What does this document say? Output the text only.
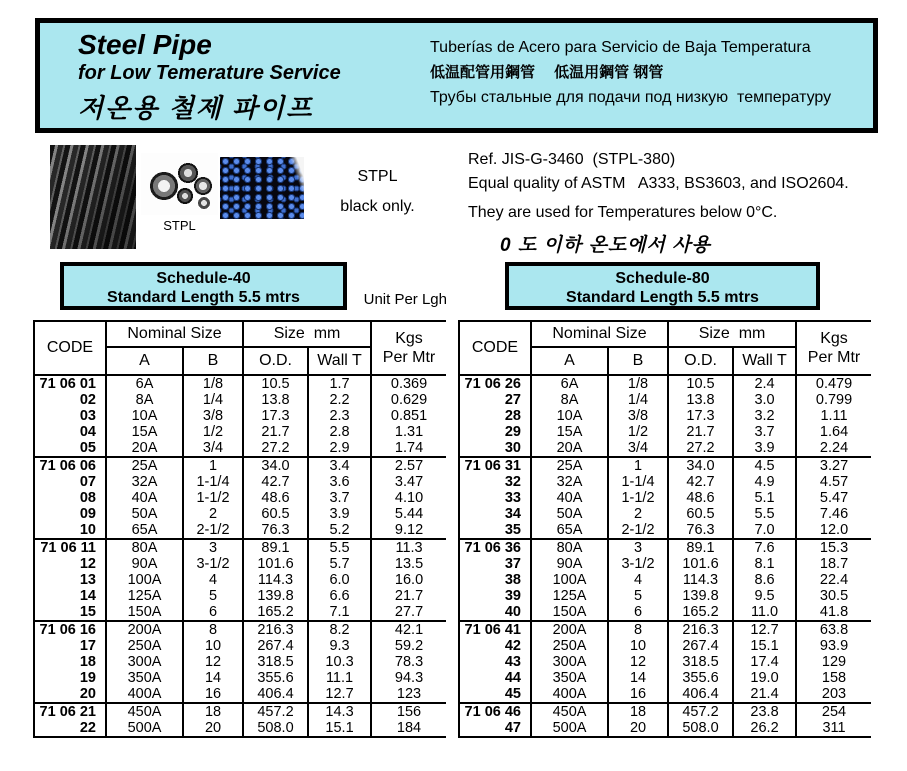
Steel Pipe
for Low Temerature Service
저온용 철제 파이프
Tuberías de Acero para Servicio de Baja Temperatura
低温配管用鋼管　 低温用鋼管 钢管
Трубы стальные для подачи под низкую  температуру
STPL
STPL
black only.
Ref. JIS-G-3460  (STPL-380)
Equal quality of ASTM   A333, BS3603, and ISO2604.
They are used for Temperatures below 0°C.
0 도 이하 온도에서 사용
Schedule-40
Standard Length 5.5 mtrs	Unit Per Lgh
CODE	Nominal Size		Size  mm		Kgs
Per Mtr
	A	B	O.D.	Wall T	
71 06 01	6A	1/8	10.5	1.7	0.369
02	8A	1/4	13.8	2.2	0.629
03	10A	3/8	17.3	2.3	0.851
04	15A	1/2	21.7	2.8	1.31
05	20A	3/4	27.2	2.9	1.74
71 06 06	25A	1	34.0	3.4	2.57
07	32A	1-1/4	42.7	3.6	3.47
08	40A	1-1/2	48.6	3.7	4.10
09	50A	2	60.5	3.9	5.44
10	65A	2-1/2	76.3	5.2	9.12
71 06 11	80A	3	89.1	5.5	11.3
12	90A	3-1/2	101.6	5.7	13.5
13	100A	4	114.3	6.0	16.0
14	125A	5	139.8	6.6	21.7
15	150A	6	165.2	7.1	27.7
71 06 16	200A	8	216.3	8.2	42.1
17	250A	10	267.4	9.3	59.2
18	300A	12	318.5	10.3	78.3
19	350A	14	355.6	11.1	94.3
20	400A	16	406.4	12.7	123
71 06 21	450A	18	457.2	14.3	156
22	500A	20	508.0	15.1	184
Schedule-80
Standard Length 5.5 mtrs
CODE	Nominal Size		Size  mm		Kgs
Per Mtr
	A	B	O.D.	Wall T	
71 06 26	6A	1/8	10.5	2.4	0.479
27	8A	1/4	13.8	3.0	0.799
28	10A	3/8	17.3	3.2	1.11
29	15A	1/2	21.7	3.7	1.64
30	20A	3/4	27.2	3.9	2.24
71 06 31	25A	1	34.0	4.5	3.27
32	32A	1-1/4	42.7	4.9	4.57
33	40A	1-1/2	48.6	5.1	5.47
34	50A	2	60.5	5.5	7.46
35	65A	2-1/2	76.3	7.0	12.0
71 06 36	80A	3	89.1	7.6	15.3
37	90A	3-1/2	101.6	8.1	18.7
38	100A	4	114.3	8.6	22.4
39	125A	5	139.8	9.5	30.5
40	150A	6	165.2	11.0	41.8
71 06 41	200A	8	216.3	12.7	63.8
42	250A	10	267.4	15.1	93.9
43	300A	12	318.5	17.4	129
44	350A	14	355.6	19.0	158
45	400A	16	406.4	21.4	203
71 06 46	450A	18	457.2	23.8	254
47	500A	20	508.0	26.2	311
